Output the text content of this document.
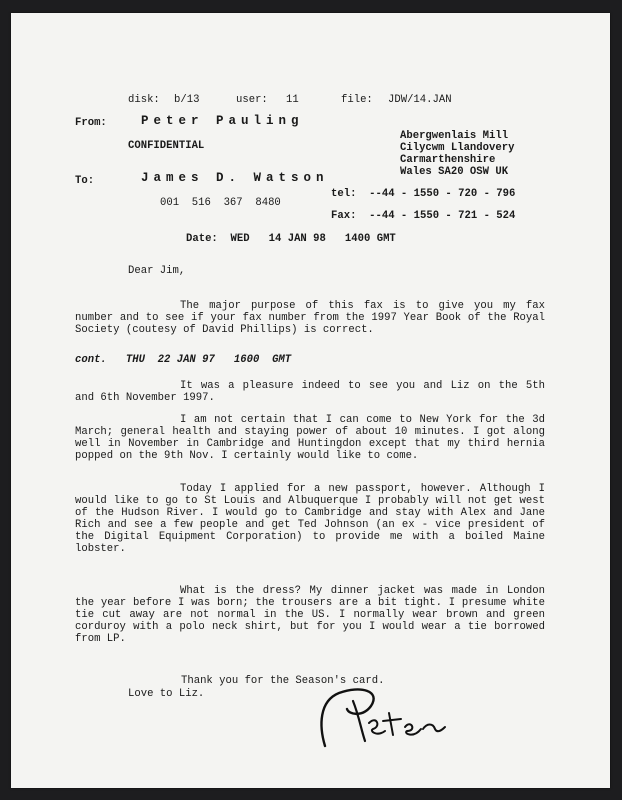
disk: b/13	user: 11	file: JDW/14.JAN
From:	Peter Pauling
CONFIDENTIAL
Abergwenlais Mill
Cilycwm Llandovery
Carmarthenshire
Wales SA20 OSW UK
To:	James D. Watson
tel:  --44 - 1550 - 720 - 796
001  516  367  8480
Fax:  --44 - 1550 - 721 - 524
Date:  WED   14 JAN 98   1400 GMT
Dear Jim,
The major purpose of this fax is to give you my fax number and to see if your fax number from the 1997 Year Book of the Royal Society (coutesy of David Phillips) is correct.
cont.   THU  22 JAN 97   1600  GMT
It was a pleasure indeed to see you and Liz on the 5th and 6th November 1997.
I am not certain that I can come to New York for the 3d March; general health and staying power of about 10 minutes. I got along well in November in Cambridge and Huntingdon except that my third hernia popped on the 9th Nov. I certainly would like to come.
Today I applied for a new passport, however. Although I would like to go to St Louis and Albuquerque I probably will not get west of the Hudson River. I would go to Cambridge and stay with Alex and Jane Rich and see a few people and get Ted Johnson (an ex - vice president of the Digital Equipment Corporation) to provide me with a boiled Maine lobster.
What is the dress? My dinner jacket was made in London the year before I was born; the trousers are a bit tight. I presume white tie cut away are not normal in the US. I normally wear brown and green corduroy with a polo neck shirt, but for you I would wear a tie borrowed from LP.
Thank you for the Season's card.
Love to Liz.
